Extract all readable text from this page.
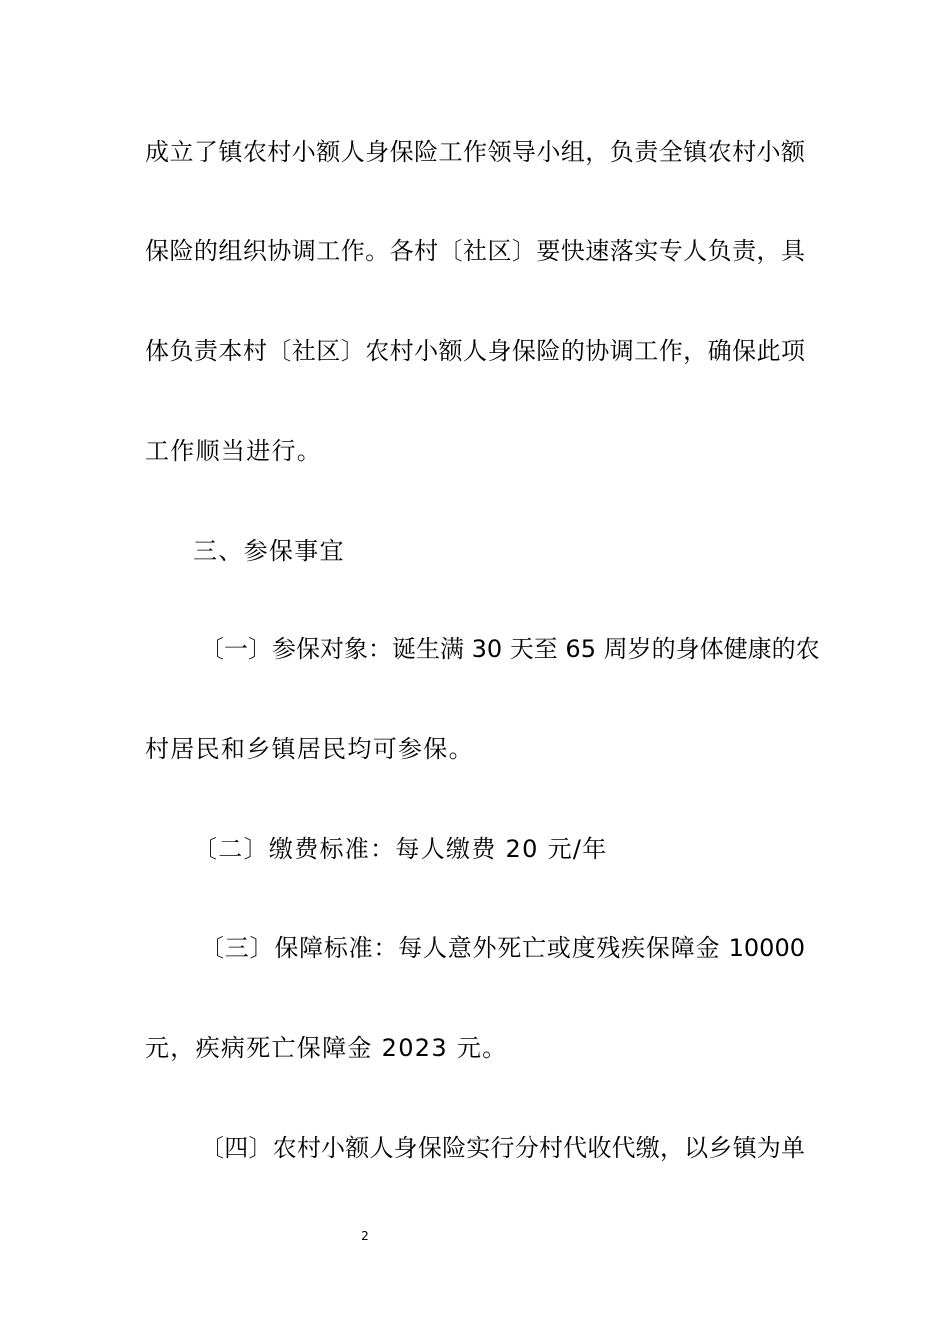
成立了镇农村小额人身保险工作领导小组，负责全镇农村小额
保险的组织协调工作。各村〔社区〕要快速落实专人负责，具
体负责本村〔社区〕农村小额人身保险的协调工作，确保此项
工作顺当进行。
三、参保事宜
〔一〕参保对象：诞生满 30 天至 65 周岁的身体健康的农
村居民和乡镇居民均可参保。
〔二〕缴费标准：每人缴费 20 元/年
〔三〕保障标准：每人意外死亡或度残疾保障金 10000
元，疾病死亡保障金 2023 元。
〔四〕农村小额人身保险实行分村代收代缴，以乡镇为单
2
